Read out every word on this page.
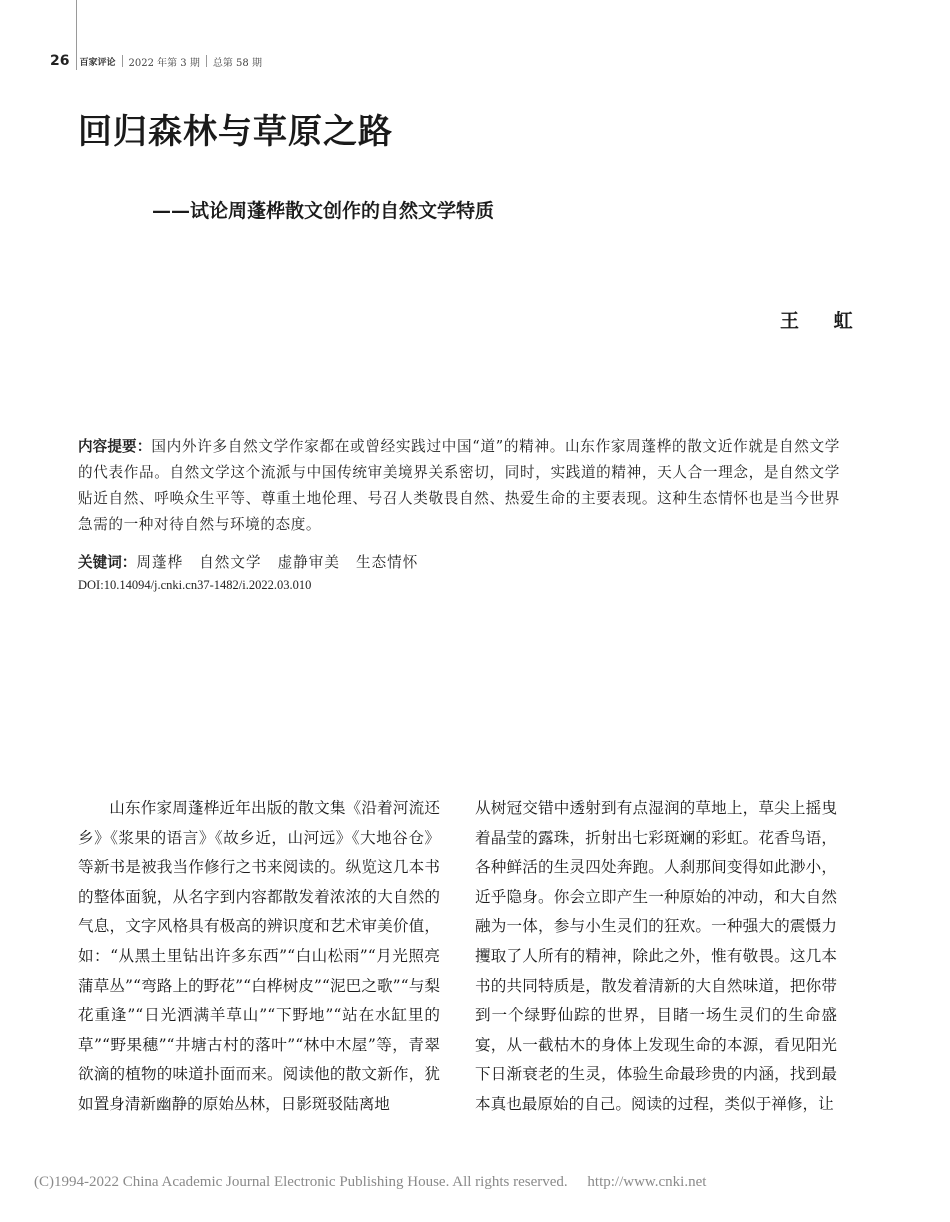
26 百家评论 2022 年第 3 期 总第 58 期
回归森林与草原之路
——试论周蓬桦散文创作的自然文学特质
王 虹

内容提要：国内外许多自然文学作家都在或曾经实践过中国“道”的精神。山东作家周蓬桦的散文近作就是自然文学的代表作品。自然文学这个流派与中国传统审美境界关系密切，同时，实践道的精神，天人合一理念，是自然文学贴近自然、呼唤众生平等、尊重土地伦理、号召人类敬畏自然、热爱生命的主要表现。这种生态情怀也是当今世界急需的一种对待自然与环境的态度。

关键词：周蓬桦 自然文学 虚静审美 生态情怀

DOI:10.14094/j.cnki.cn37-1482/i.2022.03.010

山东作家周蓬桦近年出版的散文集《沿着河流还乡》《浆果的语言》《故乡近，山河远》《大地谷仓》等新书是被我当作修行之书来阅读的。纵览这几本书的整体面貌，从名字到内容都散发着浓浓的大自然的气息，文字风格具有极高的辨识度和艺术审美价值，如：“从黑土里钻出许多东西”“白山松雨”“月光照亮蒲草丛”“弯路上的野花”“白桦树皮”“泥巴之歌”“与梨花重逢”“日光洒满羊草山”“下野地”“站在水缸里的草”“野果穗”“井塘古村的落叶”“林中木屋”等，青翠欲滴的植物的味道扑面而来。阅读他的散文新作，犹如置身清新幽静的原始丛林，日影斑驳陆离地

从树冠交错中透射到有点湿润的草地上，草尖上摇曳着晶莹的露珠，折射出七彩斑斓的彩虹。花香鸟语，各种鲜活的生灵四处奔跑。人刹那间变得如此渺小，近乎隐身。你会立即产生一种原始的冲动，和大自然融为一体，参与小生灵们的狂欢。一种强大的震慑力攫取了人所有的精神，除此之外，惟有敬畏。这几本书的共同特质是，散发着清新的大自然味道，把你带到一个绿野仙踪的世界，目睹一场生灵们的生命盛宴，从一截枯木的身体上发现生命的本源，看见阳光下日渐衰老的生灵，体验生命最珍贵的内涵，找到最本真也最原始的自己。阅读的过程，类似于禅修，让

(C)1994-2022 China Academic Journal Electronic Publishing House. All rights reserved. http://www.cnki.net
